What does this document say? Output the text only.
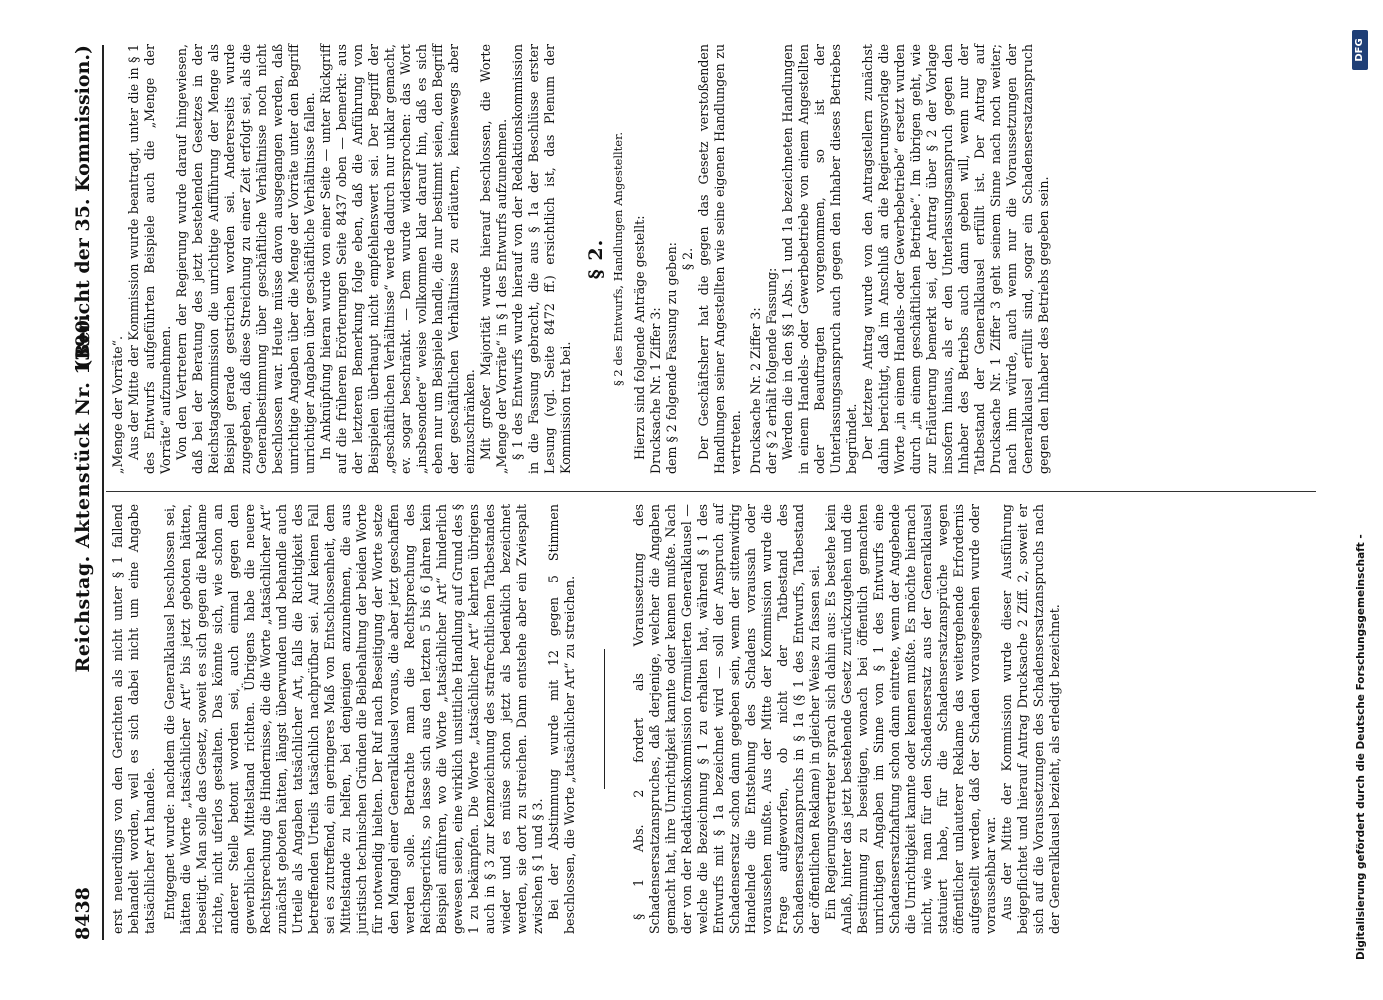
8438
Reichstag. Aktenstück Nr. 1390.
(Bericht der 35. Kommission.)

erst neuerdings von den Gerichten als nicht unter § 1 fallend behandelt worden, weil es sich dabei nicht um eine Angabe tatsächlicher Art handele. Entgegnet wurde: nachdem die Generalklausel beschlossen sei, hätten die Worte „tatsächlicher Art“ bis jetzt geboten hätten, beseitigt. Man solle das Gesetz, soweit es sich gegen die Reklame richte, nicht uferlos gestalten. Das könnte sich, wie schon an anderer Stelle betont worden sei, auch einmal gegen den gewerblichen Mittelstand richten. Übrigens habe die neuere Rechtsprechung die Hindernisse, die die Worte „tatsächlicher Art“ zunächst geboten hätten, längst überwunden und behandle auch Urteile als Angaben tatsächlicher Art, falls die Richtigkeit des betreffenden Urteils tatsächlich nachprüfbar sei. Auf keinen Fall sei es zutreffend, ein geringeres Maß von Entschlossenheit, dem Mittelstande zu helfen, bei denjenigen anzunehmen, die aus juristisch technischen Gründen die Beibehaltung der beiden Worte für notwendig hielten. Der Ruf nach Beseitigung der Worte setze den Mangel einer Generalklausel voraus, die aber jetzt geschaffen werden solle. Betrachte man die Rechtsprechung des Reichsgerichts, so lasse sich aus den letzten 5 bis 6 Jahren kein Beispiel anführen, wo die Worte „tatsächlicher Art“ hinderlich gewesen seien, eine wirklich unsittliche Handlung auf Grund des § 1 zu bekämpfen. Die Worte „tatsächlicher Art“ kehrten übrigens auch in § 3 zur Kennzeichnung des strafrechtlichen Tatbestandes wieder und es müsse schon jetzt als bedenklich bezeichnet werden, sie dort zu streichen. Dann entstehe aber ein Zwiespalt zwischen § 1 und § 3. Bei der Abstimmung wurde mit 12 gegen 5 Stimmen beschlossen, die Worte „tatsächlicher Art“ zu streichen.	§ 1 Abs. 2 fordert als Voraussetzung des Schadensersatzanspruches, daß derjenige, welcher die Angaben gemacht hat, ihre Unrichtigkeit kannte oder kennen mußte. Nach der von der Redaktionskommission formulierten Generalklausel — welche die Bezeichnung § 1 zu erhalten hat, während § 1 des Entwurfs mit § 1a bezeichnet wird — soll der Anspruch auf Schadensersatz schon dann gegeben sein, wenn der sittenwidrig Handelnde die Entstehung des Schadens voraussah oder voraussehen mußte. Aus der Mitte der Kommission wurde die Frage aufgeworfen, ob nicht der Tatbestand des Schadensersatzanspruchs in § 1a (§ 1 des Entwurfs, Tatbestand der öffentlichen Reklame) in gleicher Weise zu fassen sei. Ein Regierungsvertreter sprach sich dahin aus: Es bestehe kein Anlaß, hinter das jetzt bestehende Gesetz zurückzugehen und die Bestimmung zu beseitigen, wonach bei öffentlich gemachten unrichtigen Angaben im Sinne von § 1 des Entwurfs eine Schadensersatzhaftung schon dann eintrete, wenn der Angebende die Unrichtigkeit kannte oder kennen mußte. Es möchte hiernach nicht, wie man für den Schadensersatz aus der Generalklausel statuiert habe, für die Schadensersatzansprüche wegen öffentlicher unlauterer Reklame das weitergehende Erfordernis aufgestellt werden, daß der Schaden vorausgesehen wurde oder voraussehbar war. Aus der Mitte der Kommission wurde dieser Ausführung beigepflichtet und hierauf Antrag Drucksache 2 Ziff. 2, soweit er sich auf die Voraussetzungen des Schadensersatzanspruchs nach der Generalklausel bezieht, als erledigt bezeichnet.

„Menge der Vorräte“. Aus der Mitte der Kommission wurde beantragt, unter die in § 1 des Entwurfs aufgeführten Beispiele auch die „Menge der Vorräte“ aufzunehmen. Von den Vertretern der Regierung wurde darauf hingewiesen, daß bei der Beratung des jetzt bestehenden Gesetzes in der Reichstagskommission die unrichtige Aufführung der Menge als Beispiel gerade gestrichen worden sei. Andererseits wurde zugegeben, daß diese Streichung zu einer Zeit erfolgt sei, als die Generalbestimmung über geschäftliche Verhältnisse noch nicht beschlossen war. Heute müsse davon ausgegangen werden, daß unrichtige Angaben über die Menge der Vorräte unter den Begriff unrichtiger Angaben über geschäftliche Verhältnisse fallen. In Anknüpfung hieran wurde von einer Seite — unter Rückgriff auf die früheren Erörterungen Seite 8437 oben — bemerkt: aus der letzteren Bemerkung folge eben, daß die Anführung von Beispielen überhaupt nicht empfehlenswert sei. Der Begriff der „geschäftlichen Verhältnisse“ werde dadurch nur unklar gemacht, ev. sogar beschränkt. — Dem wurde widersprochen: das Wort „insbesondere“ weise vollkommen klar darauf hin, daß es sich eben nur um Beispiele handle, die nur bestimmt seien, den Begriff der geschäftlichen Verhältnisse zu erläutern, keineswegs aber einzuschränken. Mit großer Majorität wurde hierauf beschlossen, die Worte „Menge der Vorräte“ in § 1 des Entwurfs aufzunehmen. § 1 des Entwurfs wurde hierauf von der Redaktionskommission in die Fassung gebracht, die aus § 1a der Beschlüsse erster Lesung (vgl. Seite 8472 ff.) ersichtlich ist, das Plenum der Kommission trat bei.

§ 2. § 2 des Entwurfs, Handlungen Angestellter. Hierzu sind folgende Anträge gestellt: Drucksache Nr. 1 Ziffer 3: dem § 2 folgende Fassung zu geben: § 2. Der Geschäftsherr hat die gegen das Gesetz verstoßenden Handlungen seiner Angestellten wie seine eigenen Handlungen zu vertreten. Drucksache Nr. 2 Ziffer 3: der § 2 erhält folgende Fassung: Werden die in den §§ 1 Abs. 1 und 1a bezeichneten Handlungen in einem Handels- oder Gewerbebetriebe von einem Angestellten oder Beauftragten vorgenommen, so ist der Unterlassungsanspruch auch gegen den Inhaber dieses Betriebes begründet. Der letztere Antrag wurde von den Antragstellern zunächst dahin berichtigt, daß im Anschluß an die Regierungsvorlage die Worte „in einem Handels- oder Gewerbebetriebe“ ersetzt wurden durch „in einem geschäftlichen Betriebe“. Im übrigen geht, wie zur Erläuterung bemerkt sei, der Antrag über § 2 der Vorlage insofern hinaus, als er den Unterlassungsanspruch gegen den Inhaber des Betriebs auch dann geben will, wenn nur der Tatbestand der Generalklausel erfüllt ist. Der Antrag auf Drucksache Nr. 1 Ziffer 3 geht seinem Sinne nach noch weiter; nach ihm würde, auch wenn nur die Voraussetzungen der Generalklausel erfüllt sind, sogar ein Schadensersatzanspruch gegen den Inhaber des Betriebs gegeben sein.

Digitalisierung gefördert durch die Deutsche Forschungsgemeinschaft -
DFG
